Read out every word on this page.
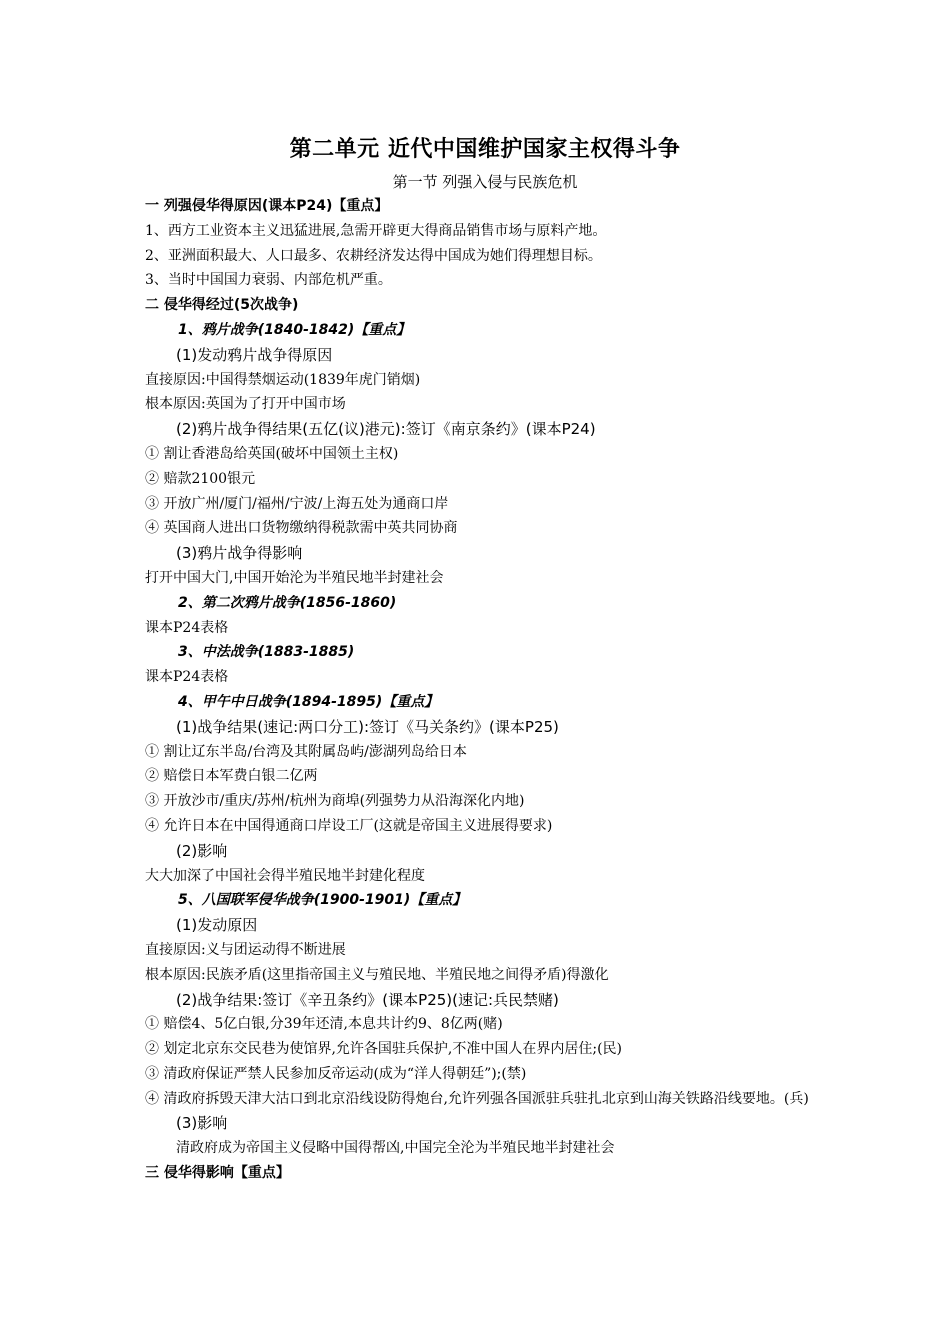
第二单元 近代中国维护国家主权得斗争

第一节 列强入侵与民族危机

一 列强侵华得原因(课本P24)【重点】

1、西方工业资本主义迅猛进展,急需开辟更大得商品销售市场与原料产地。

2、亚洲面积最大、人口最多、农耕经济发达得中国成为她们得理想目标。

3、当时中国国力衰弱、内部危机严重。

二 侵华得经过(5次战争)

1、鸦片战争(1840-1842)【重点】

(1)发动鸦片战争得原因

直接原因:中国得禁烟运动(1839年虎门销烟)

根本原因:英国为了打开中国市场

(2)鸦片战争得结果(五亿(议)港元):签订《南京条约》(课本P24)

① 割让香港岛给英国(破坏中国领土主权)

② 赔款2100银元

③ 开放广州/厦门/福州/宁波/上海五处为通商口岸

④ 英国商人进出口货物缴纳得税款需中英共同协商

(3)鸦片战争得影响

打开中国大门,中国开始沦为半殖民地半封建社会

2、第二次鸦片战争(1856-1860)

课本P24表格

3、中法战争(1883-1885)

课本P24表格

4、甲午中日战争(1894-1895)【重点】

(1)战争结果(速记:两口分工):签订《马关条约》(课本P25)

① 割让辽东半岛/台湾及其附属岛屿/澎湖列岛给日本

② 赔偿日本军费白银二亿两

③ 开放沙市/重庆/苏州/杭州为商埠(列强势力从沿海深化内地)

④ 允许日本在中国得通商口岸设工厂(这就是帝国主义进展得要求)

(2)影响

大大加深了中国社会得半殖民地半封建化程度

5、八国联军侵华战争(1900-1901)【重点】

(1)发动原因

直接原因:义与团运动得不断进展

根本原因:民族矛盾(这里指帝国主义与殖民地、半殖民地之间得矛盾)得激化

(2)战争结果:签订《辛丑条约》(课本P25)(速记:兵民禁赌)

① 赔偿4、5亿白银,分39年还清,本息共计约9、8亿两(赌)

② 划定北京东交民巷为使馆界,允许各国驻兵保护,不准中国人在界内居住;(民)

③ 清政府保证严禁人民参加反帝运动(成为“洋人得朝廷”);(禁)

④ 清政府拆毁天津大沽口到北京沿线设防得炮台,允许列强各国派驻兵驻扎北京到山海关铁路沿线要地。(兵)

(3)影响

清政府成为帝国主义侵略中国得帮凶,中国完全沦为半殖民地半封建社会

三 侵华得影响【重点】
